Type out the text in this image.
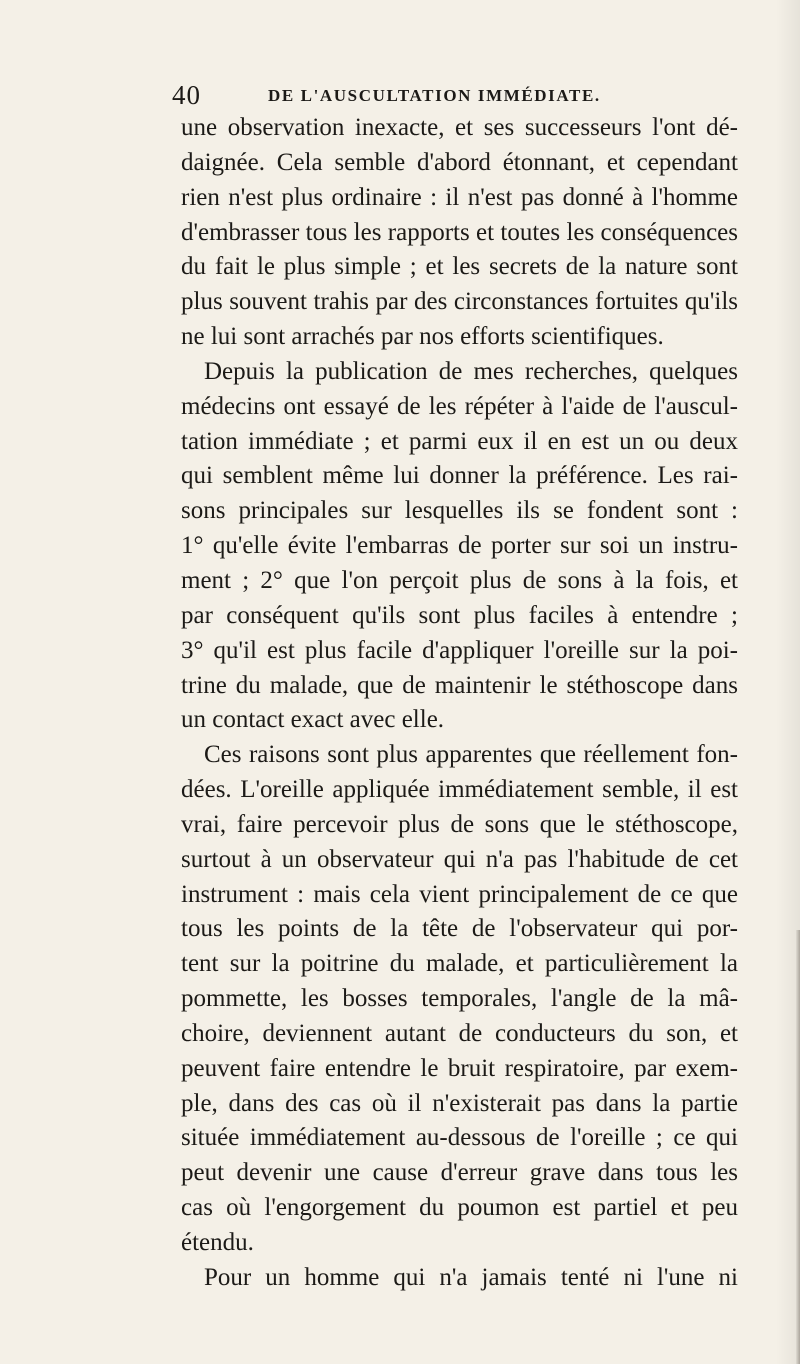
40	DE L'AUSCULTATION IMMÉDIATE.
une observation inexacte, et ses successeurs l'ont dé-
daignée. Cela semble d'abord étonnant, et cependant
rien n'est plus ordinaire : il n'est pas donné à l'homme
d'embrasser tous les rapports et toutes les conséquences
du fait le plus simple ; et les secrets de la nature sont
plus souvent trahis par des circonstances fortuites qu'ils
ne lui sont arrachés par nos efforts scientifiques.
Depuis la publication de mes recherches, quelques
médecins ont essayé de les répéter à l'aide de l'auscul-
tation immédiate ; et parmi eux il en est un ou deux
qui semblent même lui donner la préférence. Les rai-
sons principales sur lesquelles ils se fondent sont :
1° qu'elle évite l'embarras de porter sur soi un instru-
ment ; 2° que l'on perçoit plus de sons à la fois, et
par conséquent qu'ils sont plus faciles à entendre ;
3° qu'il est plus facile d'appliquer l'oreille sur la poi-
trine du malade, que de maintenir le stéthoscope dans
un contact exact avec elle.
Ces raisons sont plus apparentes que réellement fon-
dées. L'oreille appliquée immédiatement semble, il est
vrai, faire percevoir plus de sons que le stéthoscope,
surtout à un observateur qui n'a pas l'habitude de cet
instrument : mais cela vient principalement de ce que
tous les points de la tête de l'observateur qui por-
tent sur la poitrine du malade, et particulièrement la
pommette, les bosses temporales, l'angle de la mâ-
choire, deviennent autant de conducteurs du son, et
peuvent faire entendre le bruit respiratoire, par exem-
ple, dans des cas où il n'existerait pas dans la partie
située immédiatement au-dessous de l'oreille ; ce qui
peut devenir une cause d'erreur grave dans tous les
cas où l'engorgement du poumon est partiel et peu
étendu.
Pour un homme qui n'a jamais tenté ni l'une ni
